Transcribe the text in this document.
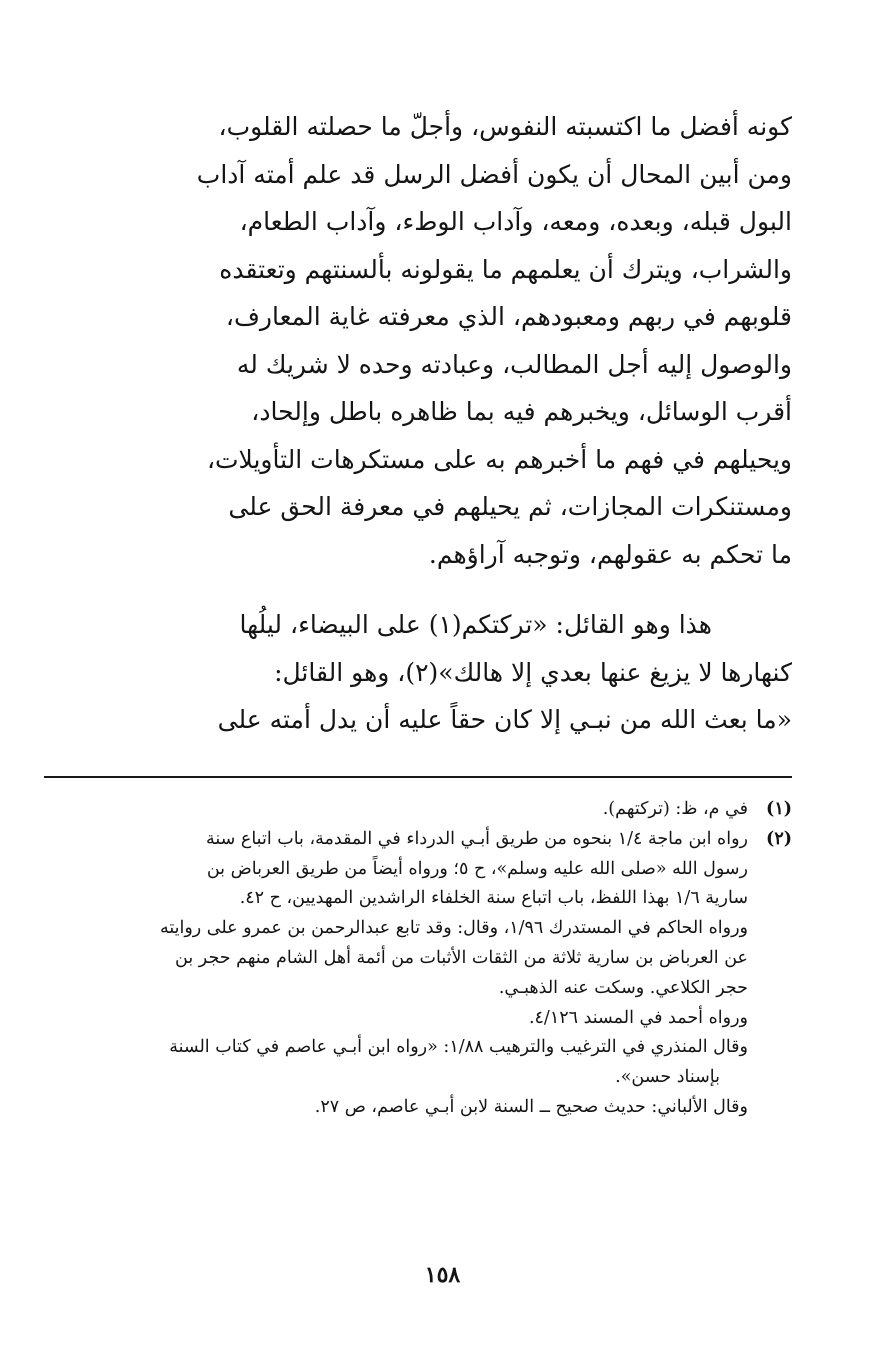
كونه أفضل ما اكتسبته النفوس، وأجلّ ما حصلته القلوب،
ومن أبين المحال أن يكون أفضل الرسل قد علم أمته آداب
البول قبله، وبعده، ومعه، وآداب الوطء، وآداب الطعام،
والشراب، ويترك أن يعلمهم ما يقولونه بألسنتهم وتعتقده
قلوبهم في ربهم ومعبودهم، الذي معرفته غاية المعارف،
والوصول إليه أجل المطالب، وعبادته وحده لا شريك له
أقرب الوسائل، ويخبرهم فيه بما ظاهره باطل وإلحاد،
ويحيلهم في فهم ما أخبرهم به على مستكرهات التأويلات،
ومستنكرات المجازات، ثم يحيلهم في معرفة الحق على
ما تحكم به عقولهم، وتوجبه آراؤهم.
هذا وهو القائل: «تركتكم(١) على البيضاء، ليلُها
كنهارها لا يزيغ عنها بعدي إلا هالك»(٢)، وهو القائل:
«ما بعث الله من نبـي إلا كان حقاً عليه أن يدل أمته على
(١)
في م، ظ: (تركتهم).
(٢)
رواه ابن ماجة ١/٤ بنحوه من طريق أبـي الدرداء في المقدمة، باب اتباع سنة
رسول الله «صلى الله عليه وسلم»، ح ٥؛ ورواه أيضاً من طريق العرباض بن
سارية ١/٦ بهذا اللفظ، باب اتباع سنة الخلفاء الراشدين المهديين، ح ٤٢.
ورواه الحاكم في المستدرك ١/٩٦، وقال: وقد تابع عبدالرحمن بن عمرو على روايته
عن العرباض بن سارية ثلاثة من الثقات الأثبات من أئمة أهل الشام منهم حجر بن
حجر الكلاعي. وسكت عنه الذهبـي.
ورواه أحمد في المسند ٤/١٢٦.
وقال المنذري في الترغيب والترهيب ١/٨٨: «رواه ابن أبـي عاصم في كتاب السنة
بإسناد حسن».
وقال الألباني: حديث صحيح ــ السنة لابن أبـي عاصم، ص ٢٧.
١٥٨
